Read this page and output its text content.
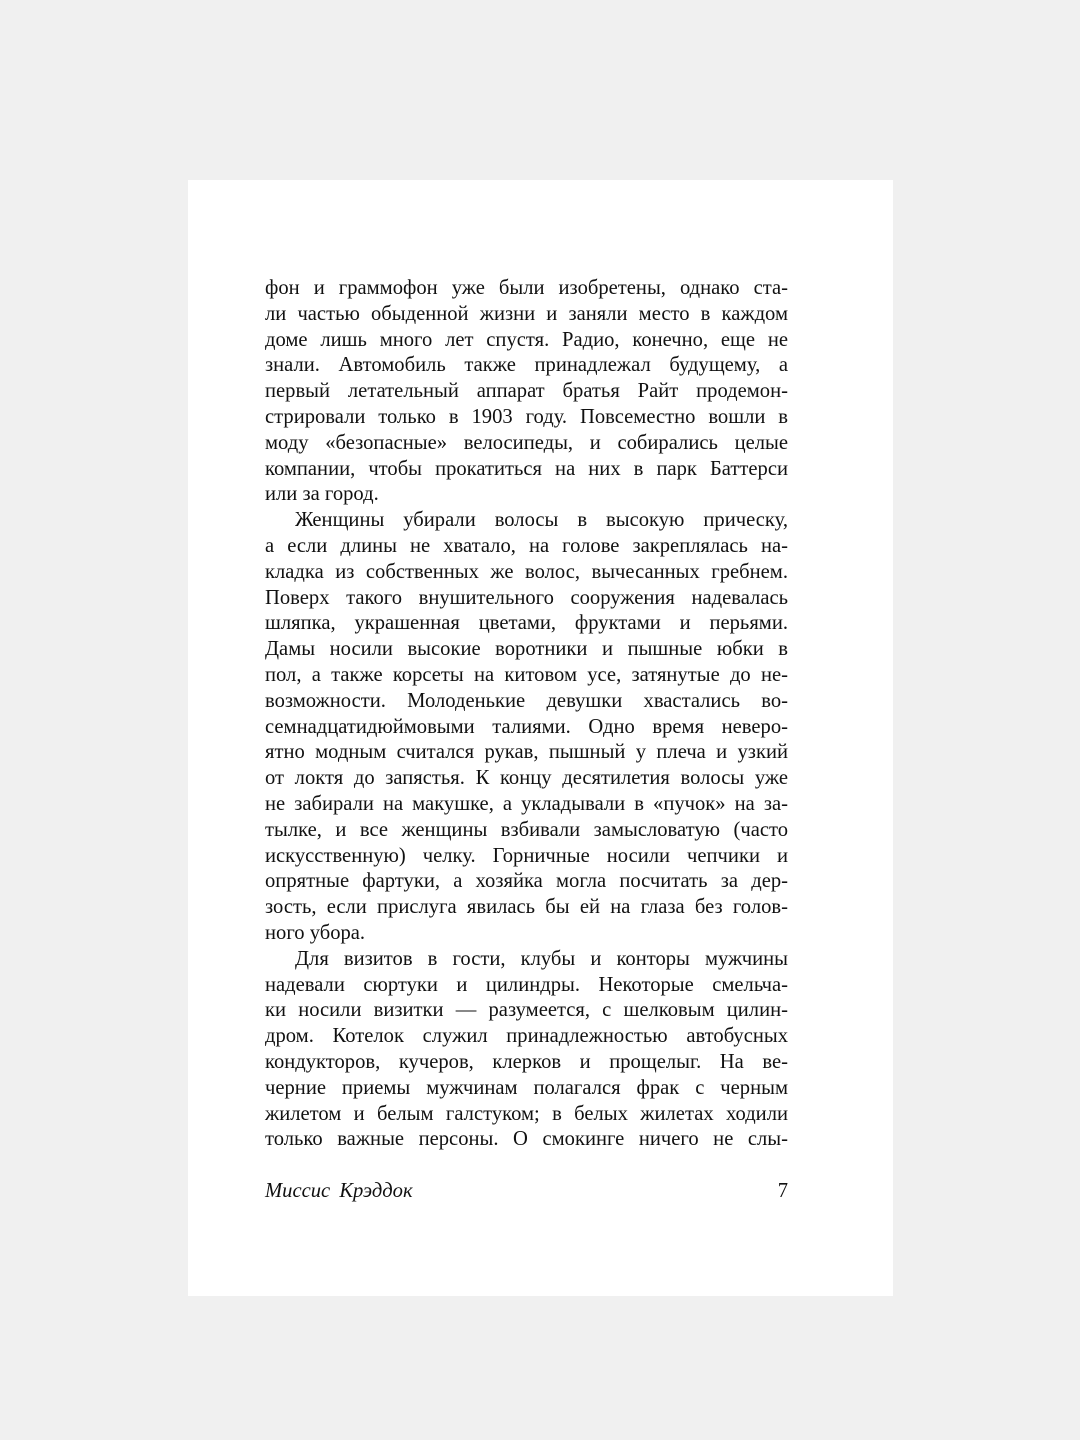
фон и граммофон уже были изобретены, однако ста-
ли частью обыденной жизни и заняли место в каждом
доме лишь много лет спустя. Радио, конечно, еще не
знали. Автомобиль также принадлежал будущему, а
первый летательный аппарат братья Райт продемон-
стрировали только в 1903 году. Повсеместно вошли в
моду «безопасные» велосипеды, и собирались целые
компании, чтобы прокатиться на них в парк Баттерси
или за город.
Женщины убирали волосы в высокую прическу,
а если длины не хватало, на голове закреплялась на-
кладка из собственных же волос, вычесанных гребнем.
Поверх такого внушительного сооружения надевалась
шляпка, украшенная цветами, фруктами и перьями.
Дамы носили высокие воротники и пышные юбки в
пол, а также корсеты на китовом усе, затянутые до не-
возможности. Молоденькие девушки хвастались во-
семнадцатидюймовыми талиями. Одно время неверо-
ятно модным считался рукав, пышный у плеча и узкий
от локтя до запястья. К концу десятилетия волосы уже
не забирали на макушке, а укладывали в «пучок» на за-
тылке, и все женщины взбивали замысловатую (часто
искусственную) челку. Горничные носили чепчики и
опрятные фартуки, а хозяйка могла посчитать за дер-
зость, если прислуга явилась бы ей на глаза без голов-
ного убора.
Для визитов в гости, клубы и конторы мужчины
надевали сюртуки и цилиндры. Некоторые смельча-
ки носили визитки — разумеется, с шелковым цилин-
дром. Котелок служил принадлежностью автобусных
кондукторов, кучеров, клерков и прощелыг. На ве-
черние приемы мужчинам полагался фрак с черным
жилетом и белым галстуком; в белых жилетах ходили
только важные персоны. О смокинге ничего не слы-
Миссис Крэддок	7
